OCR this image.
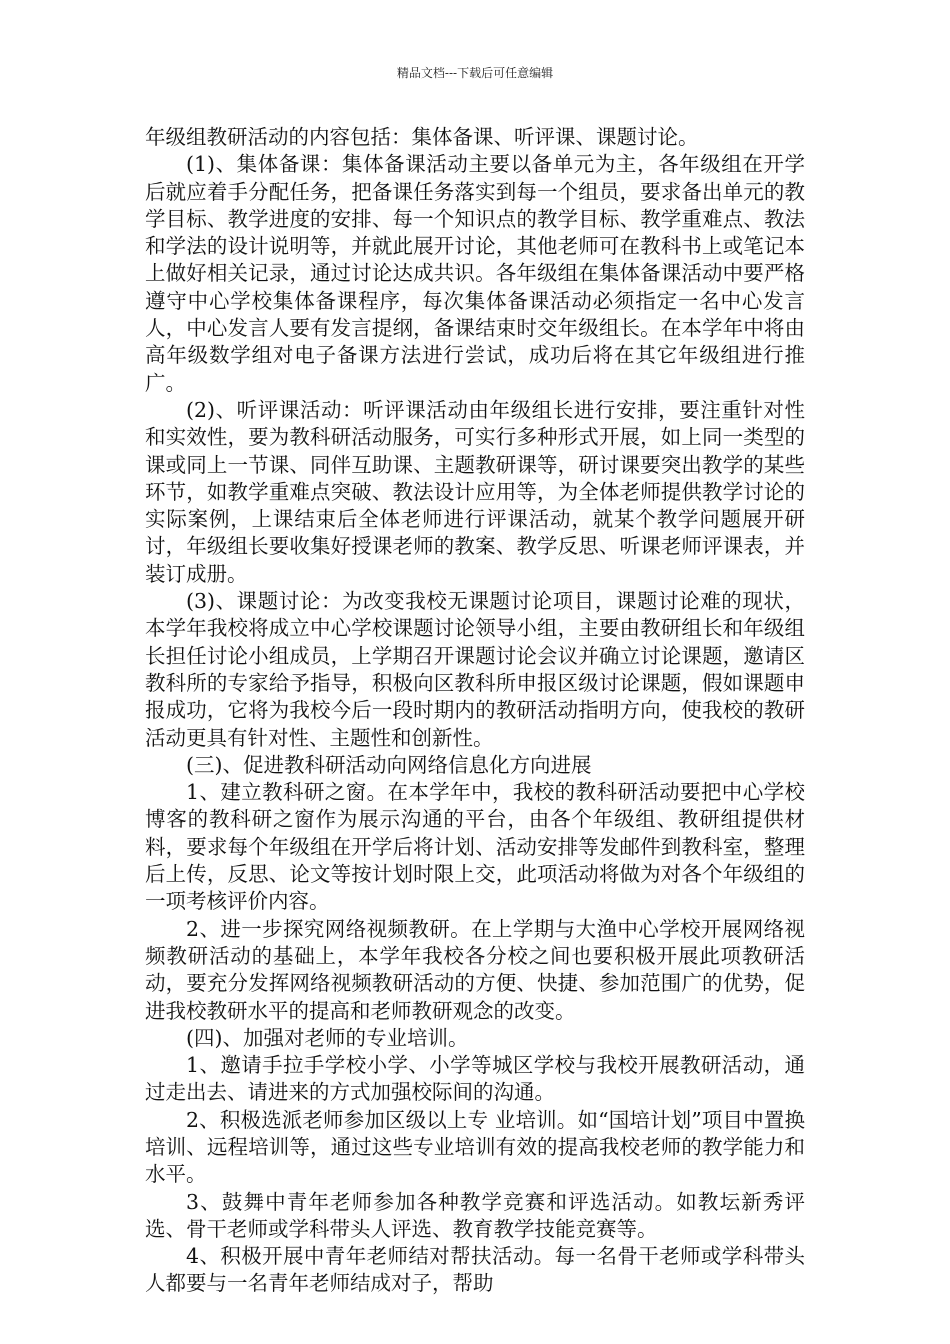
精品文档---下载后可任意编辑

年级组教研活动的内容包括：集体备课、听评课、课题讨论。

(1)、集体备课：集体备课活动主要以备单元为主，各年级组在开学后就应着手分配任务，把备课任务落实到每一个组员，要求备出单元的教学目标、教学进度的安排、每一个知识点的教学目标、教学重难点、教法和学法的设计说明等，并就此展开讨论，其他老师可在教科书上或笔记本上做好相关记录，通过讨论达成共识。各年级组在集体备课活动中要严格遵守中心学校集体备课程序，每次集体备课活动必须指定一名中心发言人，中心发言人要有发言提纲，备课结束时交年级组长。在本学年中将由高年级数学组对电子备课方法进行尝试，成功后将在其它年级组进行推广。

(2)、听评课活动：听评课活动由年级组长进行安排，要注重针对性和实效性，要为教科研活动服务，可实行多种形式开展，如上同一类型的课或同上一节课、同伴互助课、主题教研课等，研讨课要突出教学的某些环节，如教学重难点突破、教法设计应用等，为全体老师提供教学讨论的实际案例，上课结束后全体老师进行评课活动，就某个教学问题展开研讨，年级组长要收集好授课老师的教案、教学反思、听课老师评课表，并装订成册。

(3)、课题讨论：为改变我校无课题讨论项目，课题讨论难的现状，本学年我校将成立中心学校课题讨论领导小组，主要由教研组长和年级组长担任讨论小组成员，上学期召开课题讨论会议并确立讨论课题，邀请区教科所的专家给予指导，积极向区教科所申报区级讨论课题，假如课题申报成功，它将为我校今后一段时期内的教研活动指明方向，使我校的教研活动更具有针对性、主题性和创新性。

(三)、促进教科研活动向网络信息化方向进展

1、建立教科研之窗。在本学年中，我校的教科研活动要把中心学校博客的教科研之窗作为展示沟通的平台，由各个年级组、教研组提供材料，要求每个年级组在开学后将计划、活动安排等发邮件到教科室，整理后上传，反思、论文等按计划时限上交，此项活动将做为对各个年级组的一项考核评价内容。

2、进一步探究网络视频教研。在上学期与大渔中心学校开展网络视频教研活动的基础上，本学年我校各分校之间也要积极开展此项教研活动，要充分发挥网络视频教研活动的方便、快捷、参加范围广的优势，促进我校教研水平的提高和老师教研观念的改变。

(四)、加强对老师的专业培训。

1、邀请手拉手学校小学、小学等城区学校与我校开展教研活动，通过走出去、请进来的方式加强校际间的沟通。

2、积极选派老师参加区级以上专 业培训。如“国培计划”项目中置换培训、远程培训等，通过这些专业培训有效的提高我校老师的教学能力和水平。

3、鼓舞中青年老师参加各种教学竞赛和评选活动。如教坛新秀评选、骨干老师或学科带头人评选、教育教学技能竞赛等。

4、积极开展中青年老师结对帮扶活动。每一名骨干老师或学科带头人都要与一名青年老师结成对子，帮助
